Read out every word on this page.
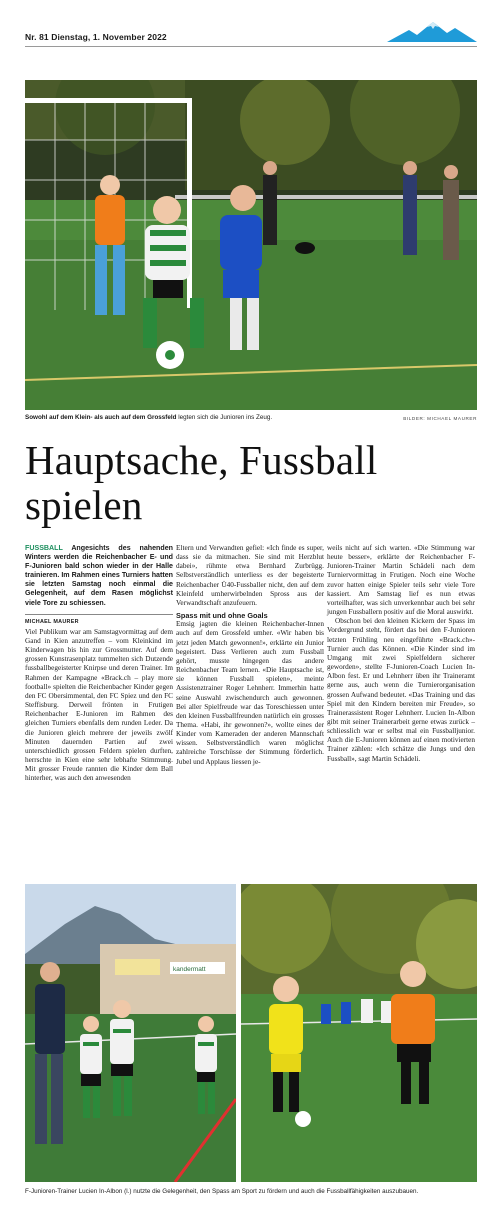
Nr. 81 Dienstag, 1. November 2022
Sowohl auf dem Klein- als auch auf dem Grossfeld legten sich die Junioren ins Zeug.	BILDER: MICHAEL MAURER
Hauptsache, Fussball
spielen

FUSSBALL Angesichts des nahenden Winters werden die Reichenbacher E- und F-Junioren bald schon wieder in der Halle trainieren. Im Rahmen eines Turniers hatten sie letzten Samstag noch einmal die Gelegenheit, auf dem Rasen möglichst viele Tore zu schiessen.

MICHAEL MAURER

Viel Publikum war am Samstagvormittag auf dem Gand in Kien anzutreffen – vom Kleinkind im Kinderwagen bis hin zur Grossmutter. Auf dem grossen Kunstrasenplatz tummelten sich Dutzende fussballbegeisterter Knirpse und deren Trainer. Im Rahmen der Kampagne «Brack.ch – play more football» spielten die Reichenbacher Kinder gegen den FC Obersimmental, den FC Spiez und den FC Steffisburg. Derweil frönten in Frutigen Reichenbacher E-Junioren im Rahmen des gleichen Turniers ebenfalls dem runden Leder. Da die Junioren gleich mehrere der jeweils zwölf Minuten dauernden Partien auf zwei unterschiedlich grossen Feldern spielen durften, herrschte in Kien eine sehr lebhafte Stimmung. Mit grosser Freude rannten die Kinder dem Ball hinterher, was auch den anwesenden

Eltern und Verwandten gefiel: «Ich finde es super, dass sie da mitmachen. Sie sind mit Herzblut dabei», rühmte etwa Bernhard Zurbrügg. Selbstverständlich unterliess es der begeisterte Reichenbacher Ü40-Fussballer nicht, den auf dem Kleinfeld umherwirbelnden Spross aus der Verwandtschaft anzufeuern.

Spass mit und ohne Goals

Emsig jagten die kleinen Reichenbacher-Innen auch auf dem Grossfeld umher. «Wir haben bis jetzt jeden Match gewonnen!», erklärte ein Junior begeistert. Dass Verlieren auch zum Fussball gehört, musste hingegen das andere Reichenbacher Team lernen. «Die Hauptsache ist, sie können Fussball spielen», meinte Assistenztrainer Roger Lehnherr. Immerhin hatte seine Auswahl zwischendurch auch gewonnen. Bei aller Spielfreude war das Toreschiessen unter den kleinen Fussballfreunden natürlich ein grosses Thema. «Habi, ihr gewonnen?», wollte eines der Kinder vom Kameraden der anderen Mannschaft wissen. Selbstverständlich waren möglichst zahlreiche Torschüsse der Stimmung förderlich. Jubel und Applaus liessen je-

weils nicht auf sich warten. «Die Stimmung war heute besser», erklärte der Reichenbacher F-Junioren-Trainer Martin Schädeli nach dem Turniervormittag in Frutigen. Noch eine Woche zuvor hatten einige Spieler teils sehr viele Tore kassiert. Am Samstag lief es nun etwas vorteilhafter, was sich unverkennbar auch bei sehr jungen Fussballern positiv auf die Moral auswirkt.

Obschon bei den kleinen Kickern der Spass im Vordergrund steht, fördert das bei den F-Junioren letzten Frühling neu eingeführte «Brack.ch»-Turnier auch das Können. «Die Kinder sind im Umgang mit zwei Spielfeldern sicherer geworden», stellte F-Junioren-Coach Lucien In-Albon fest. Er und Lehnherr üben ihr Traineramt gerne aus, auch wenn die Turnierorganisation grossen Aufwand bedeutet. «Das Training und das Spiel mit den Kindern bereiten mir Freude», so Trainerassistent Roger Lehnherr. Lucien In-Albon gibt mit seiner Trainerarbeit gerne etwas zurück – schliesslich war er selbst mal ein Fussballjunior. Auch die E-Junioren können auf einen motivierten Trainer zählen: «Ich schätze die Jungs und den Fussball», sagt Martin Schädeli.

kandermatt
F-Junioren-Trainer Lucien In-Albon (l.) nutzte die Gelegenheit, den Spass am Sport zu fördern und auch die Fussballfähigkeiten auszubauen.
